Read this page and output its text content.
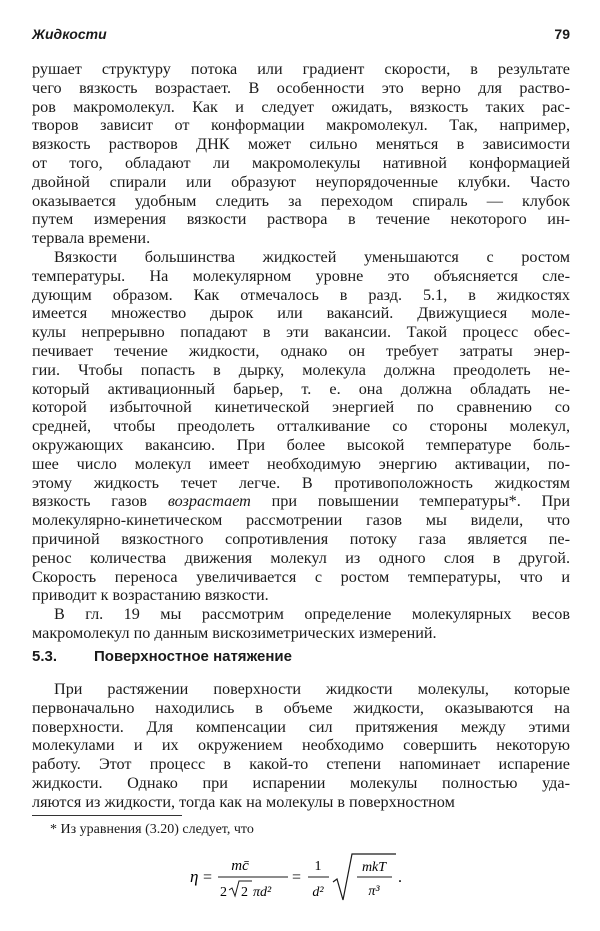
Жидкости	79
рушает структуру потока или градиент скорости, в результате
чего вязкость возрастает. В особенности это верно для раство-
ров макромолекул. Как и следует ожидать, вязкость таких рас-
творов зависит от конформации макромолекул. Так, например,
вязкость растворов ДНК может сильно меняться в зависимости
от того, обладают ли макромолекулы нативной конформацией
двойной спирали или образуют неупорядоченные клубки. Часто
оказывается удобным следить за переходом спираль — клубок
путем измерения вязкости раствора в течение некоторого ин-
тервала времени.
Вязкости большинства жидкостей уменьшаются с ростом
температуры. На молекулярном уровне это объясняется сле-
дующим образом. Как отмечалось в разд. 5.1, в жидкостях
имеется множество дырок или вакансий. Движущиеся моле-
кулы непрерывно попадают в эти вакансии. Такой процесс обес-
печивает течение жидкости, однако он требует затраты энер-
гии. Чтобы попасть в дырку, молекула должна преодолеть не-
который активационный барьер, т. е. она должна обладать не-
которой избыточной кинетической энергией по сравнению со
средней, чтобы преодолеть отталкивание со стороны молекул,
окружающих вакансию. При более высокой температуре боль-
шее число молекул имеет необходимую энергию активации, по-
этому жидкость течет легче. В противоположность жидкостям
вязкость газов возрастает при повышении температуры*. При
молекулярно-кинетическом рассмотрении газов мы видели, что
причиной вязкостного сопротивления потоку газа является пе-
ренос количества движения молекул из одного слоя в другой.
Скорость переноса увеличивается с ростом температуры, что и
приводит к возрастанию вязкости.
В гл. 19 мы рассмотрим определение молекулярных весов
макромолекул по данным вискозиметрических измерений.
5.3. Поверхностное натяжение
При растяжении поверхности жидкости молекулы, которые
первоначально находились в объеме жидкости, оказываются на
поверхности. Для компенсации сил притяжения между этими
молекулами и их окружением необходимо совершить некоторую
работу. Этот процесс в какой-то степени напоминает испарение
жидкости. Однако при испарении молекулы полностью уда-
ляются из жидкости, тогда как на молекулы в поверхностном
* Из уравнения (3.20) следует, что
η =
mc̄
2 2 πd²
=
1
d²
mkT
π³
.
